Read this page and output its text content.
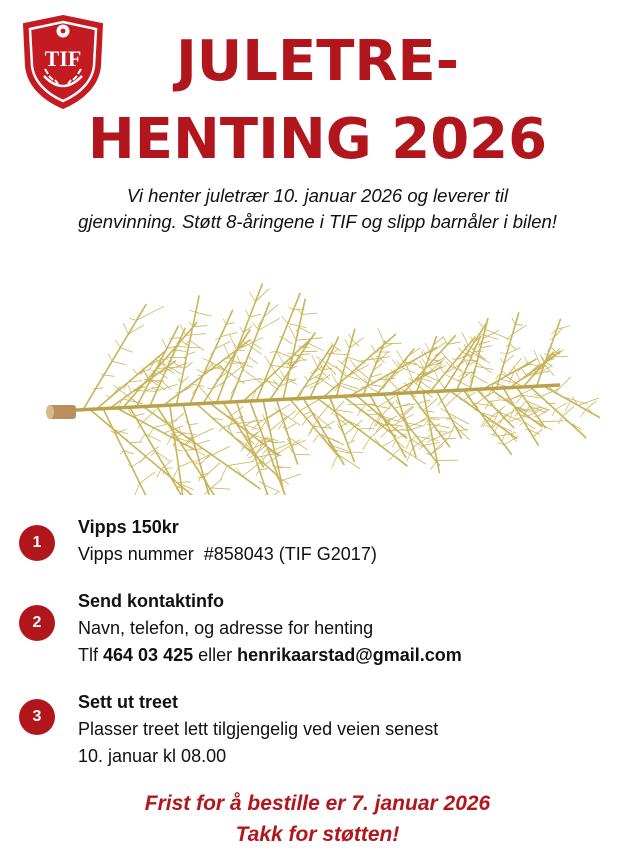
TIF	JULETRE-
HENTING 2026
Vi henter juletrær 10. januar 2026 og leverer til
gjenvinning. Støtt 8-åringene i TIF og slipp barnåler i bilen!
1
Vipps 150kr
Vipps nummer  #858043 (TIF G2017)
2
Send kontaktinfo
Navn, telefon, og adresse for henting
Tlf 464 03 425 eller henrikaarstad@gmail.com
3
Sett ut treet
Plasser treet lett tilgjengelig ved veien senest
10. januar kl 08.00
Frist for å bestille er 7. januar 2026
Takk for støtten!
